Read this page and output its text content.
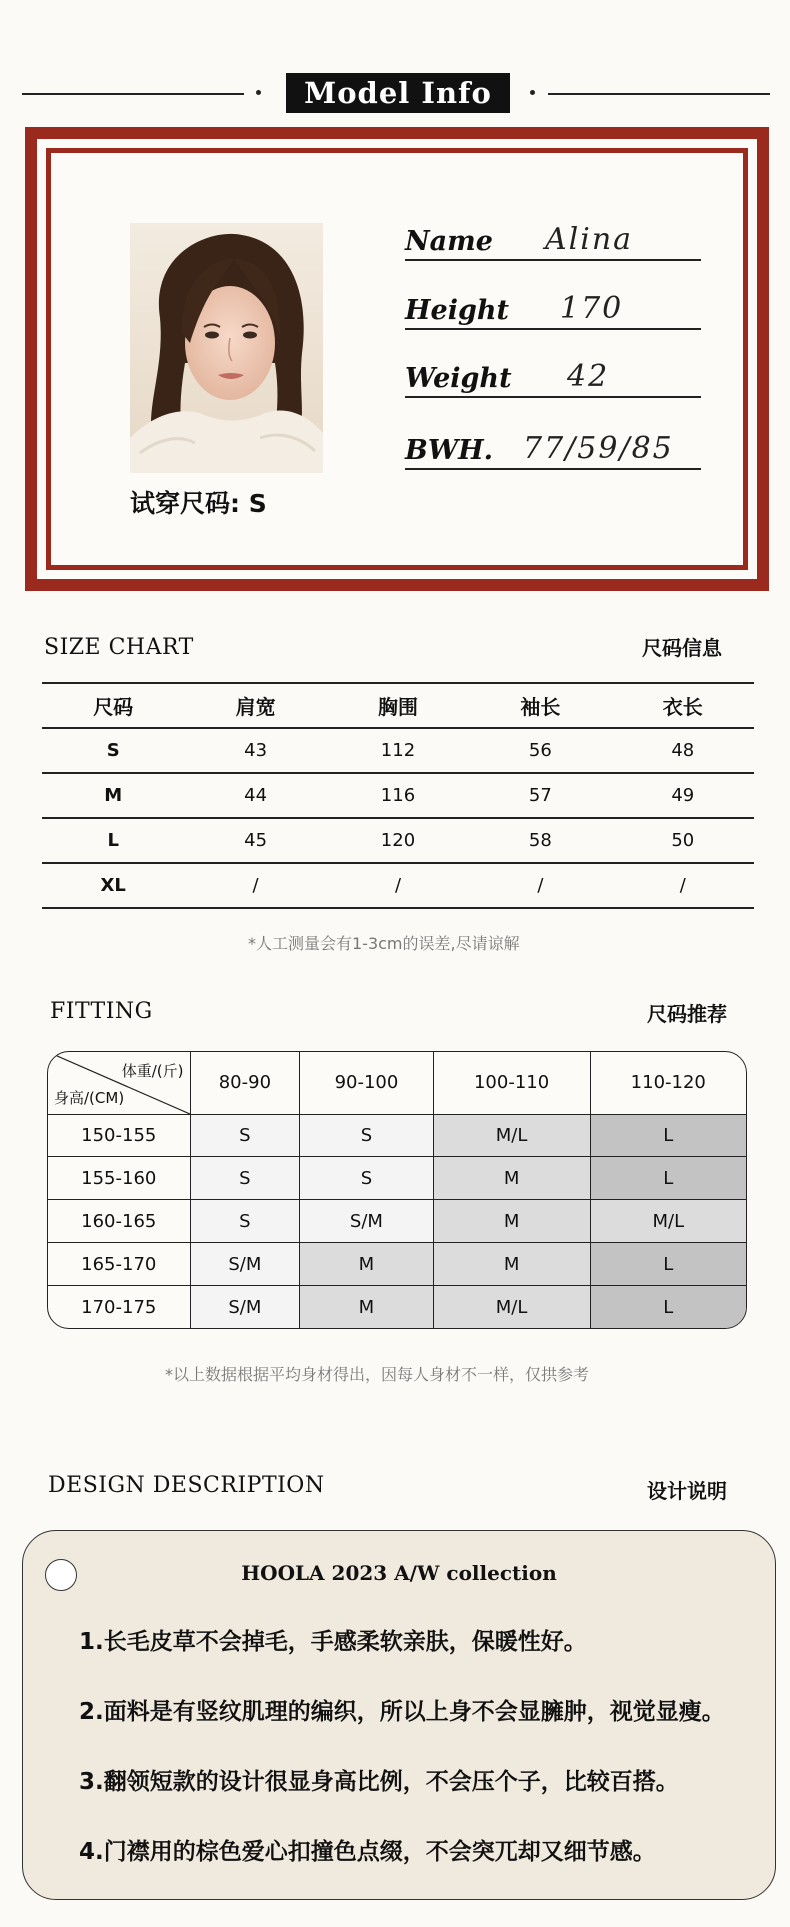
Model Info
试穿尺码: S
Name Alina
Height 170
Weight 42
BWH. 77/59/85
SIZE CHART	尺码信息
尺码	肩宽	胸围	袖长	衣长
S	43	112	56	48
M	44	116	57	49
L	45	120	58	50
XL	/	/	/	/
*人工测量会有1-3cm的误差,尽请谅解
FITTING	尺码推荐
体重/(斤)
身高/(CM)	80-90	90-100	100-110	110-120
150-155	S	S	M/L	L
155-160	S	S	M	L
160-165	S	S/M	M	M/L
165-170	S/M	M	M	L
170-175	S/M	M	M/L	L
*以上数据根据平均身材得出，因每人身材不一样，仅拱参考
DESIGN DESCRIPTION	设计说明
HOOLA 2023 A/W collection
1.长毛皮草不会掉毛，手感柔软亲肤，保暖性好。
2.面料是有竖纹肌理的编织，所以上身不会显臃肿，视觉显瘦。
3.翻领短款的设计很显身高比例，不会压个子，比较百搭。
4.门襟用的棕色爱心扣撞色点缀，不会突兀却又细节感。
